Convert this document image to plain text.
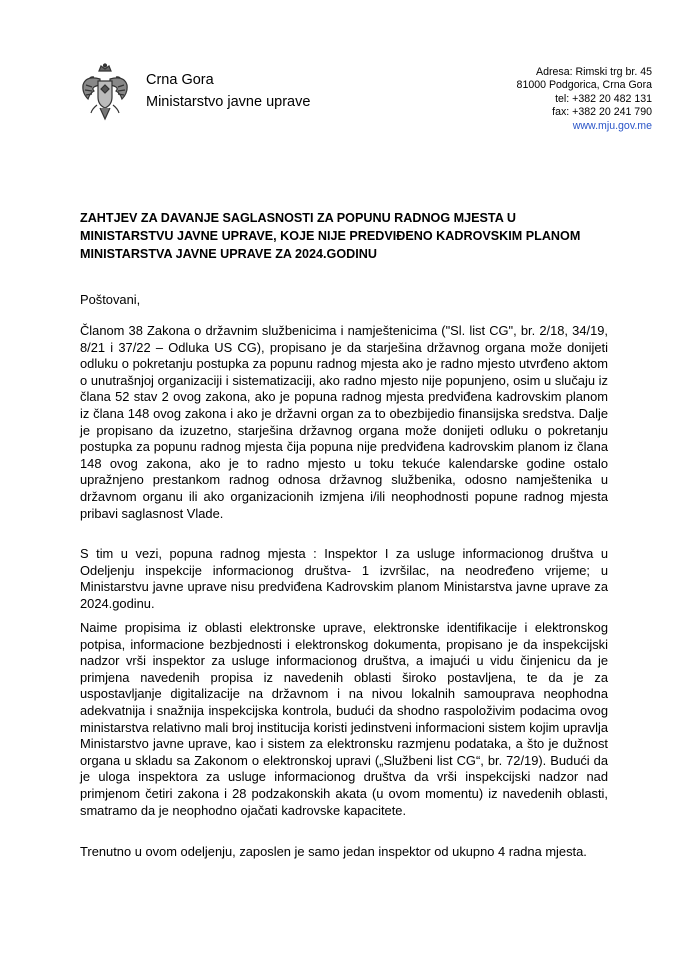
Crna Gora
Ministarstvo javne uprave
Adresa: Rimski trg br. 45
81000 Podgorica, Crna Gora
tel: +382 20 482 131
fax: +382 20 241 790
www.mju.gov.me
ZAHTJEV ZA DAVANJE SAGLASNOSTI ZA POPUNU RADNOG MJESTA U MINISTARSTVU JAVNE UPRAVE, KOJE NIJE PREDVIĐENO KADROVSKIM PLANOM MINISTARSTVA JAVNE UPRAVE ZA 2024.GODINU
Poštovani,

Članom 38 Zakona o državnim službenicima i namještenicima ("Sl. list CG", br. 2/18, 34/19, 8/21 i 37/22 – Odluka US CG), propisano je da starješina državnog organa može donijeti odluku o pokretanju postupka za popunu radnog mjesta ako je radno mjesto utvrđeno aktom o unutrašnjoj organizaciji i sistematizaciji, ako radno mjesto nije popunjeno, osim u slučaju iz člana 52 stav 2 ovog zakona, ako je popuna radnog mjesta predviđena kadrovskim planom iz člana 148 ovog zakona i ako je državni organ za to obezbijedio finansijska sredstva. Dalje je propisano da izuzetno, starješina državnog organa može donijeti odluku o pokretanju postupka za popunu radnog mjesta čija popuna nije predviđena kadrovskim planom iz člana 148 ovog zakona, ako je to radno mjesto u toku tekuće kalendarske godine ostalo upražnjeno prestankom radnog odnosa državnog službenika, odosno namještenika u državnom organu ili ako organizacionih izmjena i/ili neophodnosti popune radnog mjesta pribavi saglasnost Vlade.

S tim u vezi, popuna radnog mjesta : Inspektor I za usluge informacionog društva u Odeljenju inspekcije informacionog društva- 1 izvršilac, na neodređeno vrijeme; u Ministarstvu javne uprave nisu predviđena Kadrovskim planom Ministarstva javne uprave za 2024.godinu.

Naime propisima iz oblasti elektronske uprave, elektronske identifikacije i elektronskog potpisa, informacione bezbjednosti i elektronskog dokumenta, propisano je da inspekcijski nadzor vrši inspektor za usluge informacionog društva, a imajući u vidu činjenicu da je primjena navedenih propisa iz navedenih oblasti široko postavljena, te da je za uspostavljanje digitalizacije na državnom i na nivou lokalnih samouprava neophodna adekvatnija i snažnija inspekcijska kontrola, budući da shodno raspoloživim podacima ovog ministarstva relativno mali broj institucija koristi jedinstveni informacioni sistem kojim upravlja Ministarstvo javne uprave, kao i sistem za elektronsku razmjenu podataka, a što je dužnost organa u skladu sa Zakonom o elektronskoj upravi („Službeni list CG“, br. 72/19). Budući da je uloga inspektora za usluge informacionog društva da vrši inspekcijski nadzor nad primjenom četiri zakona i 28 podzakonskih akata (u ovom momentu) iz navedenih oblasti, smatramo da je neophodno ojačati kadrovske kapacitete.

Trenutno u ovom odeljenju, zaposlen je samo jedan inspektor od ukupno 4 radna mjesta.
